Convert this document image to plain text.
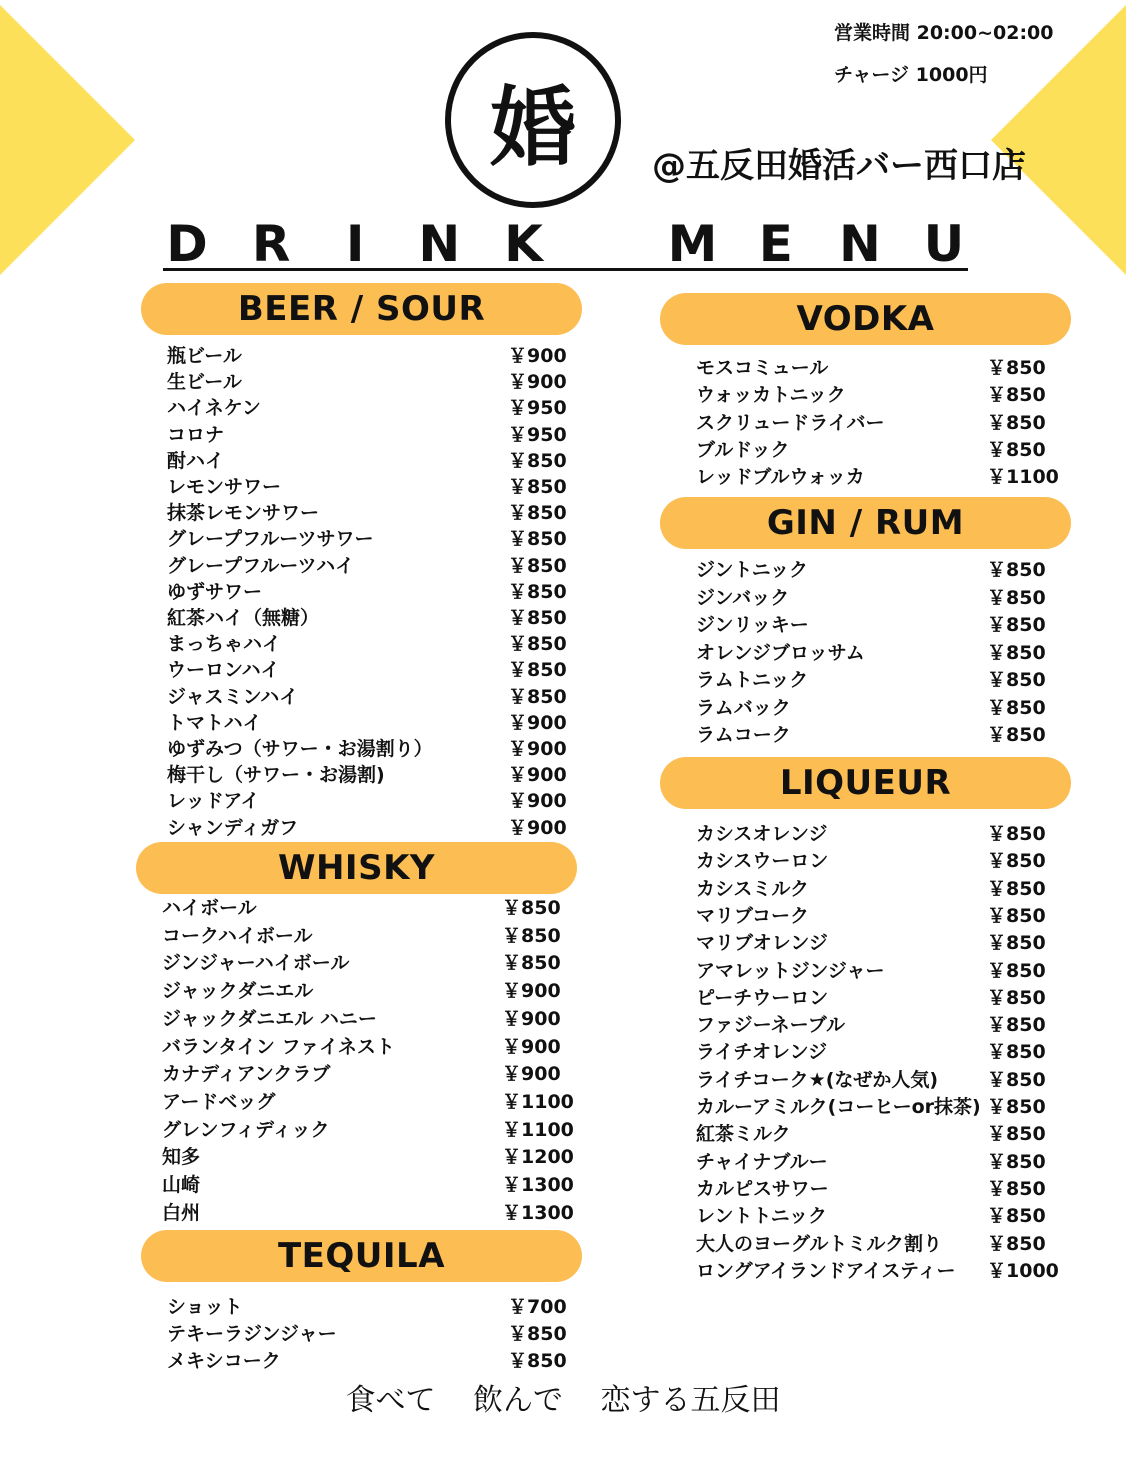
営業時間 20:00~02:00
チャージ 1000円
婚 @五反田婚活バー西口店
D R I N K M E N U
BEER / SOUR
瓶ビール	￥900
生ビール	￥900
ハイネケン	￥950
コロナ	￥950
酎ハイ	￥850
レモンサワー	￥850
抹茶レモンサワー	￥850
グレープフルーツサワー	￥850
グレープフルーツハイ	￥850
ゆずサワー	￥850
紅茶ハイ（無糖）	￥850
まっちゃハイ	￥850
ウーロンハイ	￥850
ジャスミンハイ	￥850
トマトハイ	￥900
ゆずみつ（サワー・お湯割り）	￥900
梅干し（サワー・お湯割)	￥900
レッドアイ	￥900
シャンディガフ	￥900
WHISKY
ハイボール	￥850
コークハイボール	￥850
ジンジャーハイボール	￥850
ジャックダニエル	￥900
ジャックダニエル ハニー	￥900
バランタイン ファイネスト	￥900
カナディアンクラブ	￥900
アードベッグ	￥1100
グレンフィディック	￥1100
知多	￥1200
山崎	￥1300
白州	￥1300
TEQUILA
ショット	￥700
テキーラジンジャー	￥850
メキシコーク	￥850
VODKA
モスコミュール	￥850
ウォッカトニック	￥850
スクリュードライバー	￥850
ブルドック	￥850
レッドブルウォッカ	￥1100
GIN / RUM
ジントニック	￥850
ジンバック	￥850
ジンリッキー	￥850
オレンジブロッサム	￥850
ラムトニック	￥850
ラムバック	￥850
ラムコーク	￥850
LIQUEUR
カシスオレンジ	￥850
カシスウーロン	￥850
カシスミルク	￥850
マリブコーク	￥850
マリブオレンジ	￥850
アマレットジンジャー	￥850
ピーチウーロン	￥850
ファジーネーブル	￥850
ライチオレンジ	￥850
ライチコーク★(なぜか人気)	￥850
カルーアミルク(コーヒーor抹茶) ￥850
紅茶ミルク	￥850
チャイナブルー	￥850
カルピスサワー	￥850
レントトニック	￥850
大人のヨーグルトミルク割り ￥850
ロングアイランドアイスティー ￥1000
食べて 飲んで 恋する五反田
